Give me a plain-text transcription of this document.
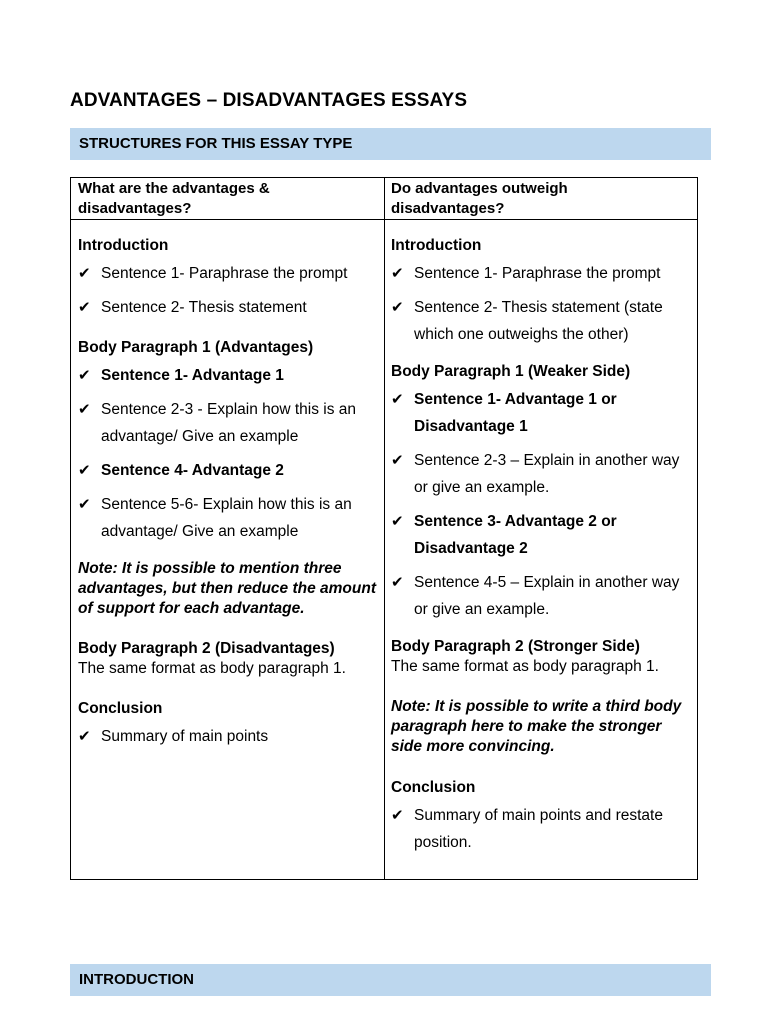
ADVANTAGES – DISADVANTAGES ESSAYS
STRUCTURES FOR THIS ESSAY TYPE
What are the advantages & disadvantages?
Do advantages outweigh disadvantages?

Introduction

✔ Sentence 1- Paraphrase the prompt
✔ Sentence 2- Thesis statement

Body Paragraph 1 (Advantages)

✔ Sentence 1- Advantage 1
✔ Sentence 2-3 - Explain how this is an advantage/ Give an example
✔ Sentence 4- Advantage 2
✔ Sentence 5-6- Explain how this is an advantage/ Give an example

Note: It is possible to mention three advantages, but then reduce the amount of support for each advantage.

Body Paragraph 2 (Disadvantages)

The same format as body paragraph 1.

Conclusion

✔ Summary of main points

Introduction

✔ Sentence 1- Paraphrase the prompt
✔ Sentence 2- Thesis statement (state which one outweighs the other)

Body Paragraph 1 (Weaker Side)

✔ Sentence 1- Advantage 1 or Disadvantage 1
✔ Sentence 2-3 – Explain in another way or give an example.
✔ Sentence 3- Advantage 2 or Disadvantage 2
✔ Sentence 4-5 – Explain in another way or give an example.

Body Paragraph 2 (Stronger Side)

The same format as body paragraph 1.

Note: It is possible to write a third body paragraph here to make the stronger side more convincing.

Conclusion

✔ Summary of main points and restate position.
INTRODUCTION
